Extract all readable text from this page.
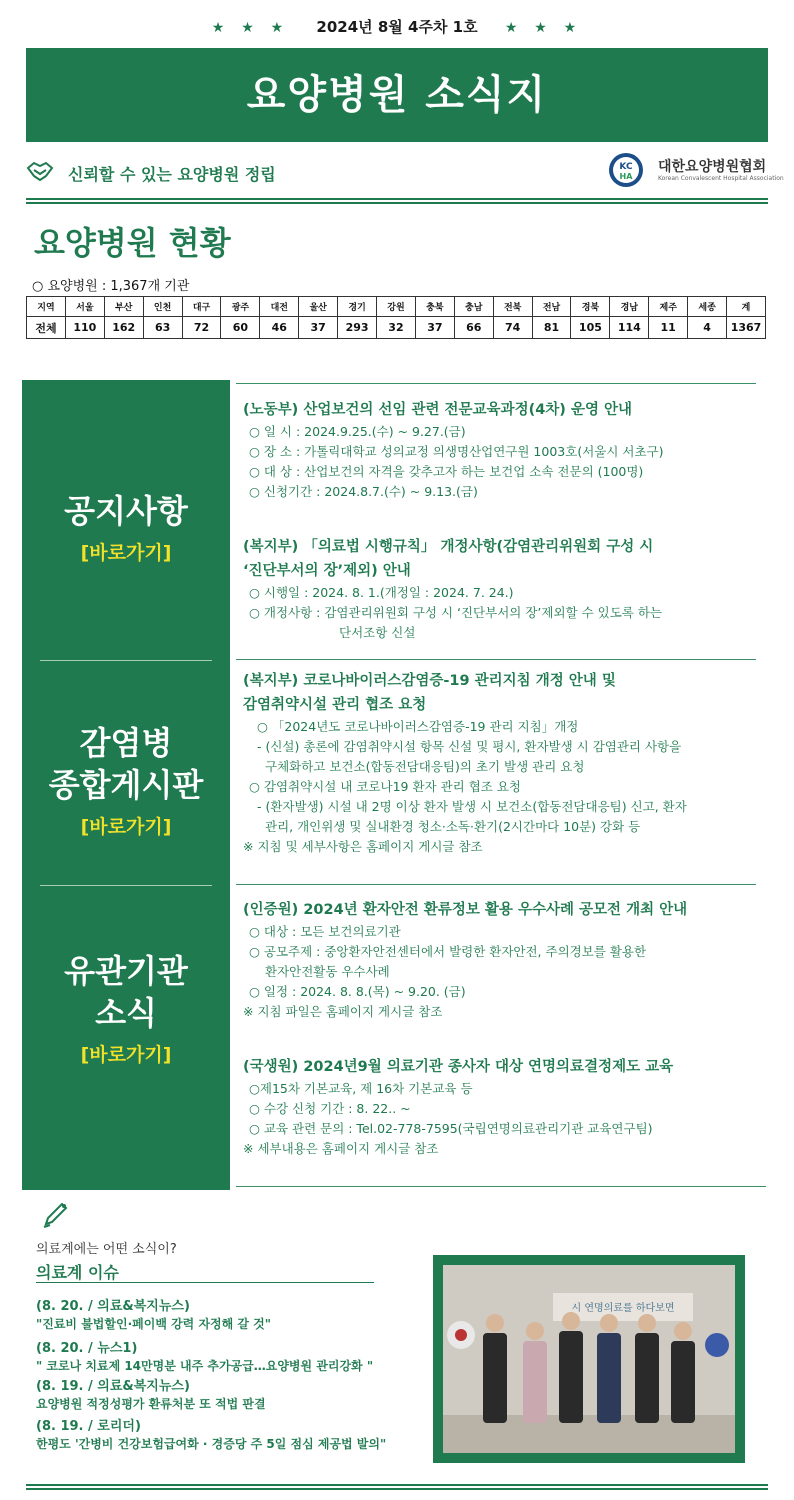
★ ★ ★ 2024년 8월 4주차 1호 ★ ★ ★
요양병원 소식지
신뢰할 수 있는 요양병원 정립	KC
HA
대한요양병원협회
Korean Convalescent Hospital Association
요양병원 현황
○ 요양병원 : 1,367개 기관
지역	서울	부산	인천	대구	광주	대전	울산	경기	강원	충북	충남	전북	전남	경북	경남	제주	세종	계
전체	110	162	63	72	60	46	37	293	32	37	66	74	81	105	114	11	4	1367
공지사항
[바로가기]
감염병
종합게시판
[바로가기]
유관기관
소식
[바로가기]
(노동부) 산업보건의 선임 관련 전문교육과정(4차) 운영 안내
○ 일 시 : 2024.9.25.(수) ~ 9.27.(금)
○ 장 소 : 가톨릭대학교 성의교정 의생명산업연구원 1003호(서울시 서초구)
○ 대 상 : 산업보건의 자격을 갖추고자 하는 보건업 소속 전문의 (100명)
○ 신청기간 : 2024.8.7.(수) ~ 9.13.(금)
(복지부) 「의료법 시행규칙」 개정사항(감염관리위원회 구성 시
‘진단부서의 장’제외) 안내
○ 시행일 : 2024. 8. 1.(개정일 : 2024. 7. 24.)
○ 개정사항 : 감염관리위원회 구성 시 ‘진단부서의 장’제외할 수 있도록 하는
단서조항 신설
(복지부) 코로나바이러스감염증-19 관리지침 개정 안내 및
감염취약시설 관리 협조 요청
○ 「2024년도 코로나바이러스감염증-19 관리 지침」개정
- (신설) 총론에 감염취약시설 항목 신설 및 평시, 환자발생 시 감염관리 사항을
구체화하고 보건소(합동전담대응팀)의 초기 발생 관리 요청
○ 감염취약시설 내 코로나19 환자 관리 협조 요청
- (환자발생) 시설 내 2명 이상 환자 발생 시 보건소(합동전담대응팀) 신고, 환자
관리, 개인위생 및 실내환경 청소·소독·환기(2시간마다 10분) 강화 등
※ 지침 및 세부사항은 홈페이지 게시글 참조
(인증원) 2024년 환자안전 환류정보 활용 우수사례 공모전 개최 안내
○ 대상 : 모든 보건의료기관
○ 공모주제 : 중앙환자안전센터에서 발령한 환자안전, 주의경보를 활용한
환자안전활동 우수사례
○ 일정 : 2024. 8. 8.(목) ~ 9.20. (금)
※ 지침 파일은 홈페이지 게시글 참조
(국생원) 2024년9월 의료기관 종사자 대상 연명의료결정제도 교육
○제15차 기본교육, 제 16차 기본교육 등
○ 수강 신청 기간 : 8. 22.. ~
○ 교육 관련 문의 : Tel.02-778-7595(국립연명의료관리기관 교육연구팀)
※ 세부내용은 홈페이지 게시글 참조
의료계에는 어떤 소식이?
의료계 이슈
(8. 20. / 의료&복지뉴스)
"진료비 불법할인·페이백 강력 자정해 갈 것"
(8. 20. / 뉴스1)
" 코로나 치료제 14만명분 내주 추가공급…요양병원 관리강화 "
(8. 19. / 의료&복지뉴스)
요양병원 적정성평가 환류처분 또 적법 판결
(8. 19. / 로리더)
한평도 '간병비 건강보험급여화 · 경증당 주 5일 점심 제공법 발의"
시 연명의료를 하다보면
